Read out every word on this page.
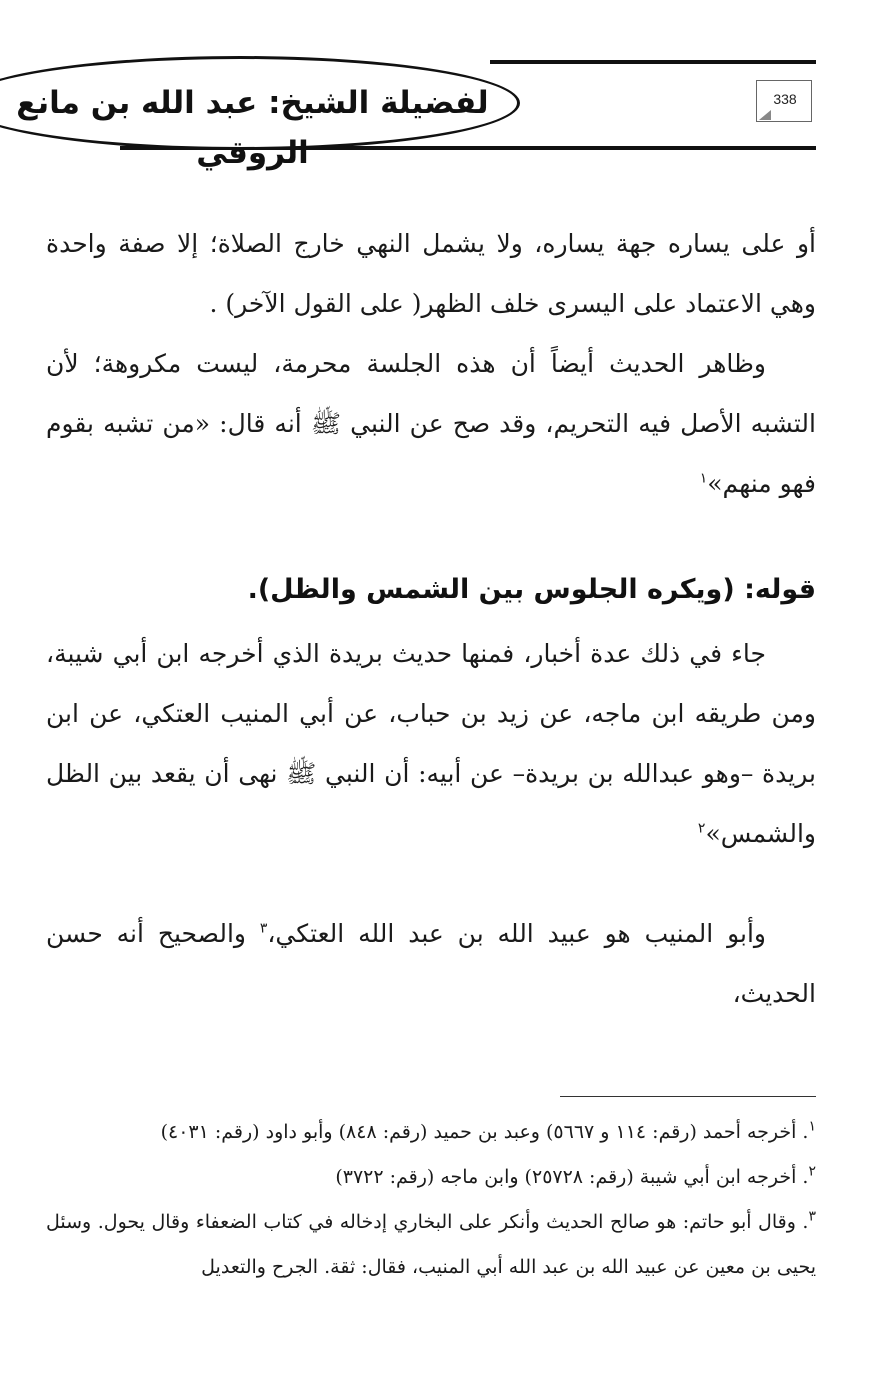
لفضيلة الشيخ: عبد الله بن مانع الروقي
338
أو على يساره جهة يساره، ولا يشمل النهي خارج الصلاة؛ إلا صفة واحدة وهي الاعتماد على اليسرى خلف الظهر( على القول الآخر) .
وظاهر الحديث أيضاً أن هذه الجلسة محرمة، ليست مكروهة؛ لأن التشبه الأصل فيه التحريم، وقد صح عن النبي ﷺ أنه قال: «من تشبه بقوم فهو منهم»$^١$
قوله: (ويكره الجلوس بين الشمس والظل).
جاء في ذلك عدة أخبار، فمنها حديث بريدة الذي أخرجه ابن أبي شيبة، ومن طريقه ابن ماجه، عن زيد بن حباب، عن أبي المنيب العتكي، عن ابن بريدة –وهو عبدالله بن بريدة– عن أبيه: أن النبي ﷺ نهى أن يقعد بين الظل والشمس»$^٢$
وأبو المنيب هو عبيد الله بن عبد الله العتكي،$^٣$ والصحيح أنه حسن الحديث،

$^١$. أخرجه أحمد (رقم: ١١٤ و ٥٦٦٧) وعبد بن حميد (رقم: ٨٤٨) وأبو داود (رقم: ٤٠٣١)

$^٢$. أخرجه ابن أبي شيبة (رقم: ٢٥٧٢٨) وابن ماجه (رقم: ٣٧٢٢)

$^٣$. وقال أبو حاتم: هو صالح الحديث وأنكر على البخاري إدخاله في كتاب الضعفاء وقال يحول. وسئل يحيى بن معين عن عبيد الله بن عبد الله أبي المنيب، فقال: ثقة. الجرح والتعديل
